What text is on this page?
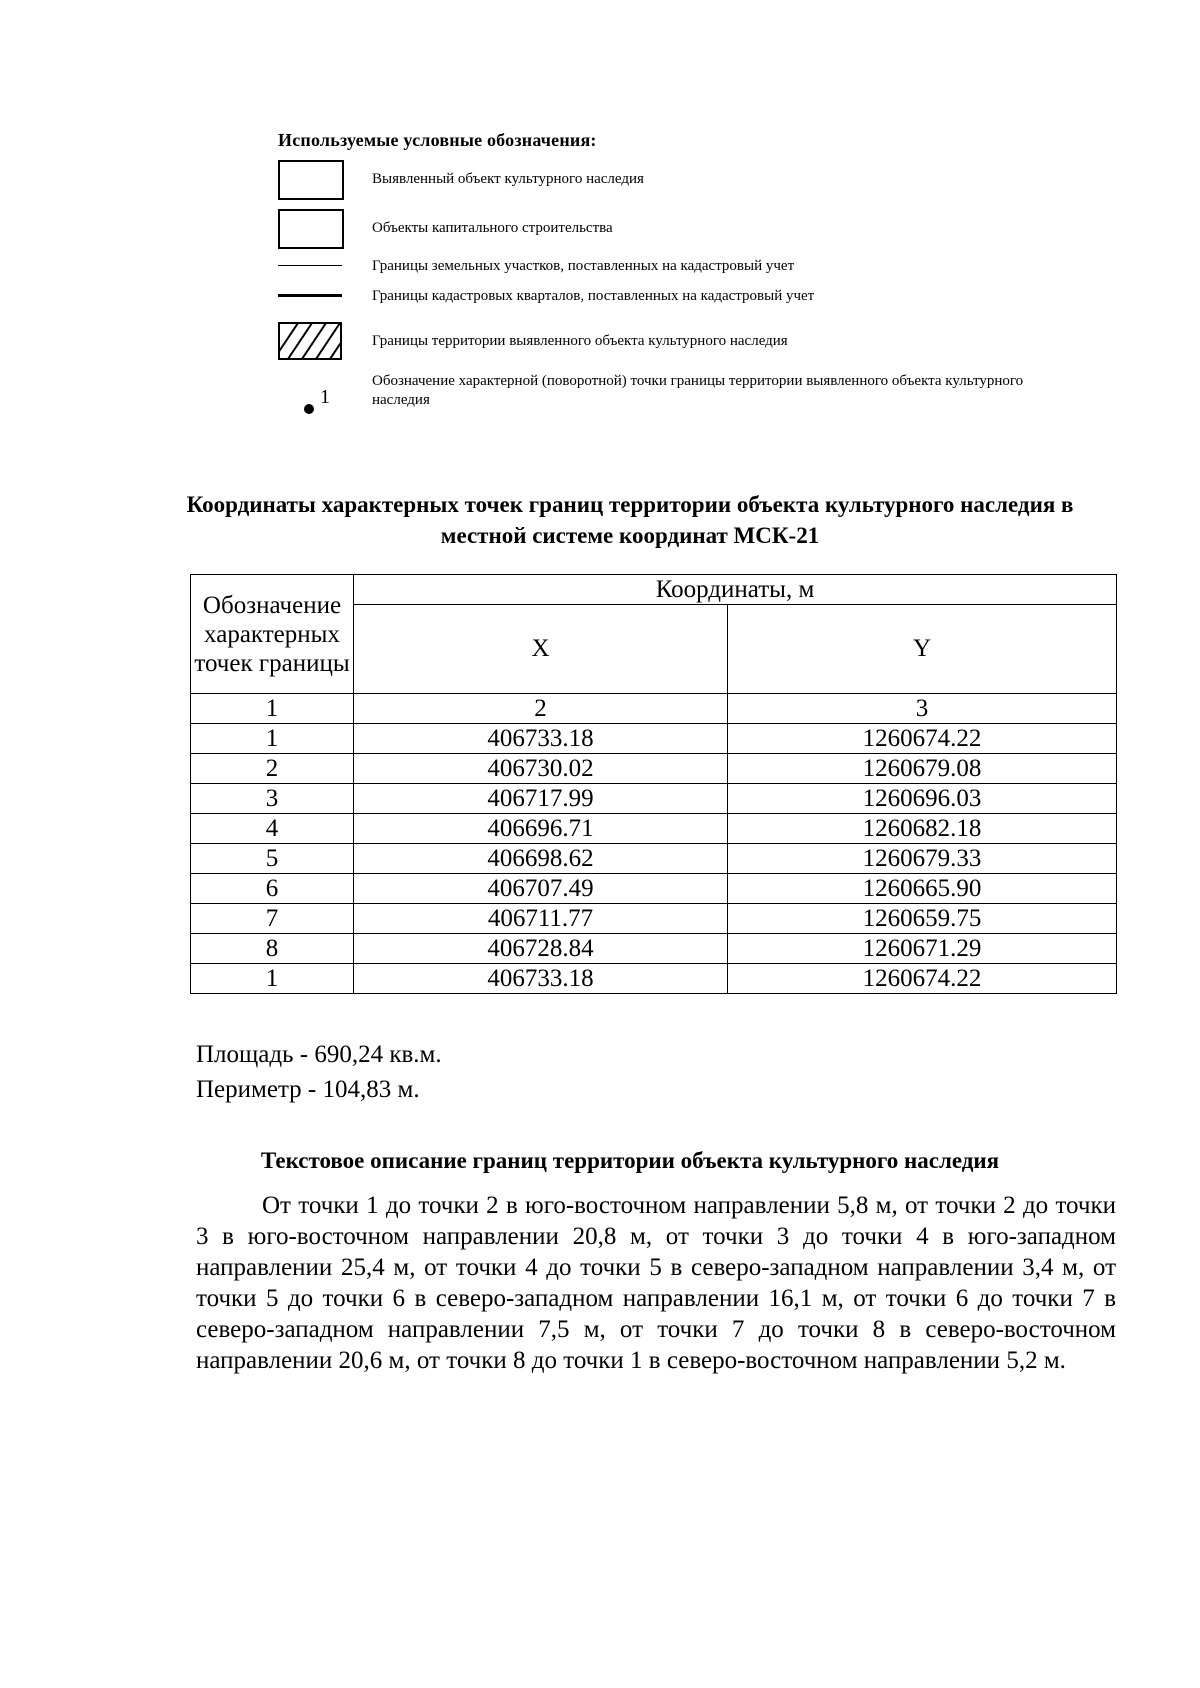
Используемые условные обозначения:
Выявленный объект культурного наследия
Объекты капитального строительства
Границы земельных участков, поставленных на кадастровый учет
Границы кадастровых кварталов, поставленных на кадастровый учет
Границы территории выявленного объекта культурного наследия
1
Обозначение характерной (поворотной) точки границы территории выявленного объекта культурного наследия
Координаты характерных точек границ территории объекта культурного наследия в местной системе координат МСК-21
Обозначение характерных точек границы	Координаты, м	
	X	Y
1	2	3
1	406733.18	1260674.22
2	406730.02	1260679.08
3	406717.99	1260696.03
4	406696.71	1260682.18
5	406698.62	1260679.33
6	406707.49	1260665.90
7	406711.77	1260659.75
8	406728.84	1260671.29
1	406733.18	1260674.22
Площадь - 690,24 кв.м.
Периметр - 104,83 м.
Текстовое описание границ территории объекта культурного наследия
От точки 1 до точки 2 в юго-восточном направлении 5,8 м, от точки 2 до точки 3 в юго-восточном направлении 20,8 м, от точки 3 до точки 4 в юго-западном направлении 25,4 м, от точки 4 до точки 5 в северо-западном направлении 3,4 м, от точки 5 до точки 6 в северо-западном направлении 16,1 м, от точки 6 до точки 7 в северо-западном направлении 7,5 м, от точки 7 до точки 8 в северо-восточном направлении 20,6 м, от точки 8 до точки 1 в северо-восточном направлении 5,2 м.
